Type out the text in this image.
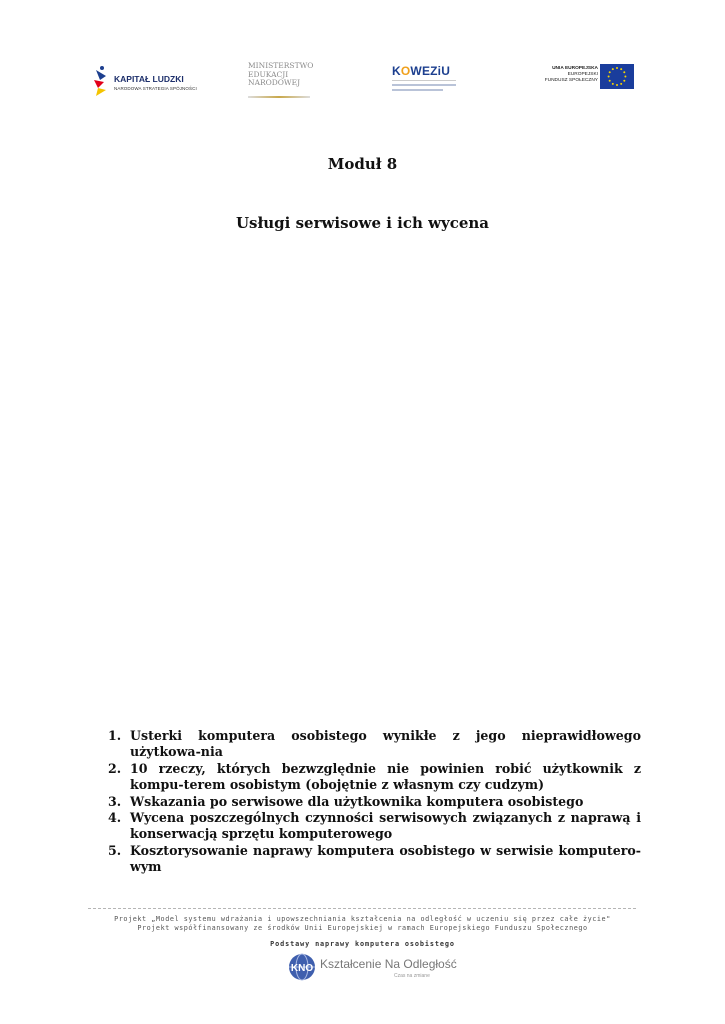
KAPITAŁ LUDZKI
NARODOWA STRATEGIA SPÓJNOŚCI
MINISTERSTWO
EDUKACJI
NARODOWEJ
KOWEZiU	UNIA EUROPEJSKA
EUROPEJSKI
FUNDUSZ SPOŁECZNY
Moduł 8
Usługi serwisowe i ich wycena
1. Usterki komputera osobistego wynikłe z jego nieprawidłowego użytkowa-nia
2. 10 rzeczy, których bezwzględnie nie powinien robić użytkownik z kompu-terem osobistym (obojętnie z własnym czy cudzym)
3. Wskazania po serwisowe dla użytkownika komputera osobistego
4. Wycena poszczególnych czynności serwisowych związanych z naprawą i konserwacją sprzętu komputerowego
5. Kosztorysowanie naprawy komputera osobistego w serwisie komputero-wym
Projekt „Model systemu wdrażania i upowszechniania kształcenia na odległość w uczeniu się przez całe życie"
Projekt współfinansowany ze środków Unii Europejskiej w ramach Europejskiego Funduszu Społecznego
Podstawy naprawy komputera osobistego
KNO Kształcenie Na Odległość
Czas na zmiane
